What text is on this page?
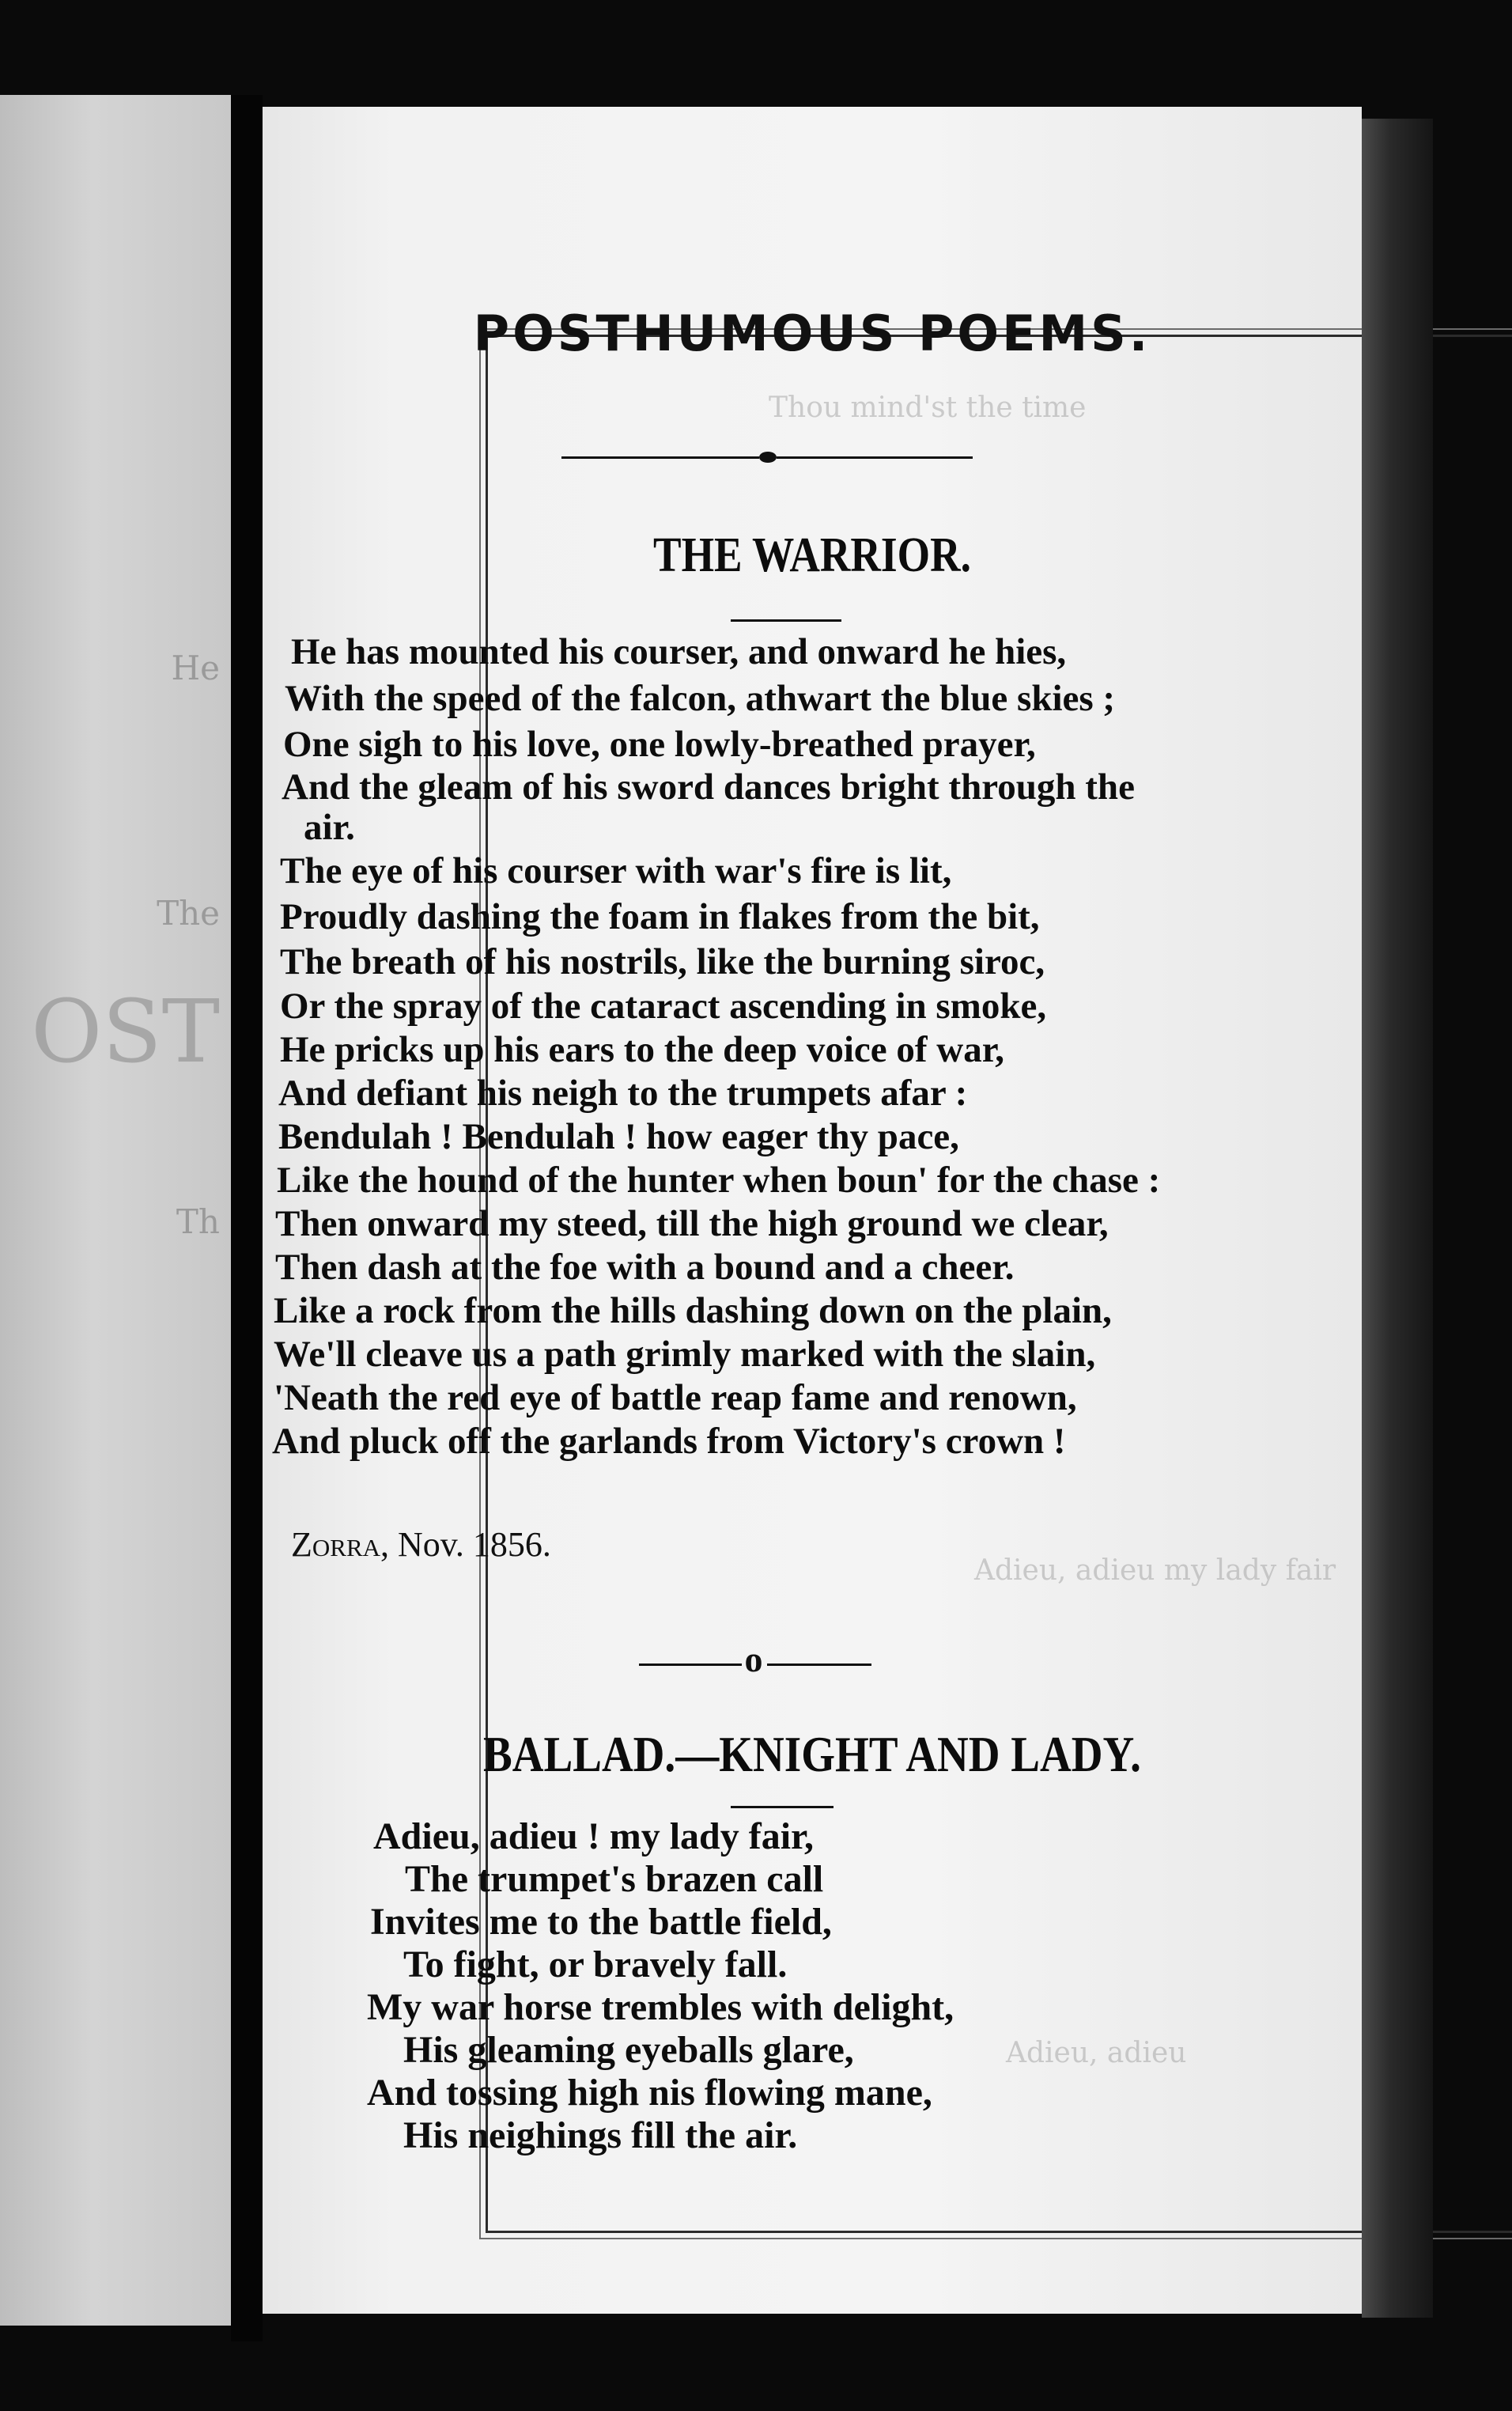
He
The
OST
Th
Thou mind'st the time
Adieu, adieu my lady fair
Adieu, adieu
POSTHUMOUS POEMS.
THE WARRIOR.
He has mounted his courser, and onward he hies,
With the speed of the falcon, athwart the blue skies ;
One sigh to his love, one lowly-breathed prayer,
And the gleam of his sword dances bright through the
air.
The eye of his courser with war's fire is lit,
Proudly dashing the foam in flakes from the bit,
The breath of his nostrils, like the burning siroc,
Or the spray of the cataract ascending in smoke,
He pricks up his ears to the deep voice of war,
And defiant his neigh to the trumpets afar :
Bendulah ! Bendulah ! how eager thy pace,
Like the hound of the hunter when boun' for the chase :
Then onward my steed, till the high ground we clear,
Then dash at the foe with a bound and a cheer.
Like a rock from the hills dashing down on the plain,
We'll cleave us a path grimly marked with the slain,
'Neath the red eye of battle reap fame and renown,
And pluck off the garlands from Victory's crown !
Zorra, Nov. 1856.
o
BALLAD.—KNIGHT AND LADY.
Adieu, adieu ! my lady fair,
The trumpet's brazen call
Invites me to the battle field,
To fight, or bravely fall.
My war horse trembles with delight,
His gleaming eyeballs glare,
And tossing high nis flowing mane,
His neighings fill the air.
